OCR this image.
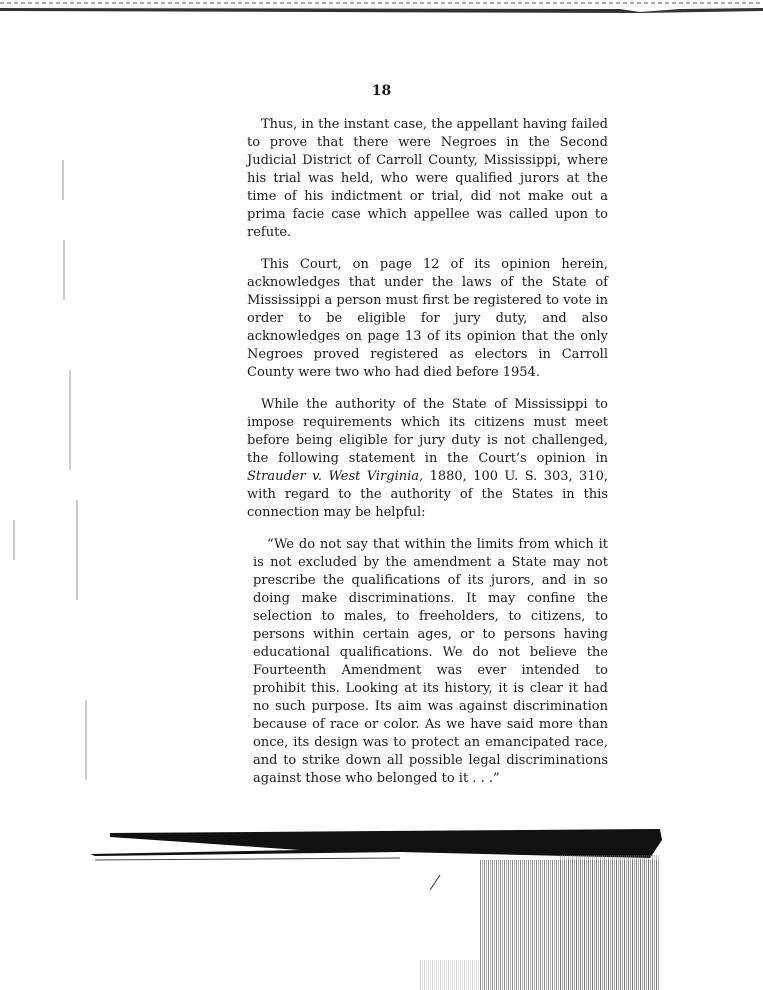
18

Thus, in the instant case, the appellant having failed to prove that there were Negroes in the Second Judicial District of Carroll County, Mississippi, where his trial was held, who were qualified jurors at the time of his indictment or trial, did not make out a prima facie case which appellee was called upon to refute.

This Court, on page 12 of its opinion herein, acknowledges that under the laws of the State of Mississippi a person must first be registered to vote in order to be eligible for jury duty, and also acknowledges on page 13 of its opinion that the only Negroes proved registered as electors in Carroll County were two who had died before 1954.

While the authority of the State of Mississippi to impose requirements which its citizens must meet before being eligible for jury duty is not challenged, the following statement in the Court’s opinion in Strauder v. West Virginia, 1880, 100 U. S. 303, 310, with regard to the authority of the States in this connection may be helpful:

“We do not say that within the limits from which it is not excluded by the amendment a State may not prescribe the qualifications of its jurors, and in so doing make discriminations. It may confine the selection to males, to freeholders, to citizens, to persons within certain ages, or to persons having educational qualifications. We do not believe the Fourteenth Amendment was ever intended to prohibit this. Looking at its history, it is clear it had no such purpose. Its aim was against discrimination because of race or color. As we have said more than once, its design was to protect an emancipated race, and to strike down all possible legal discriminations against those who belonged to it . . .”
